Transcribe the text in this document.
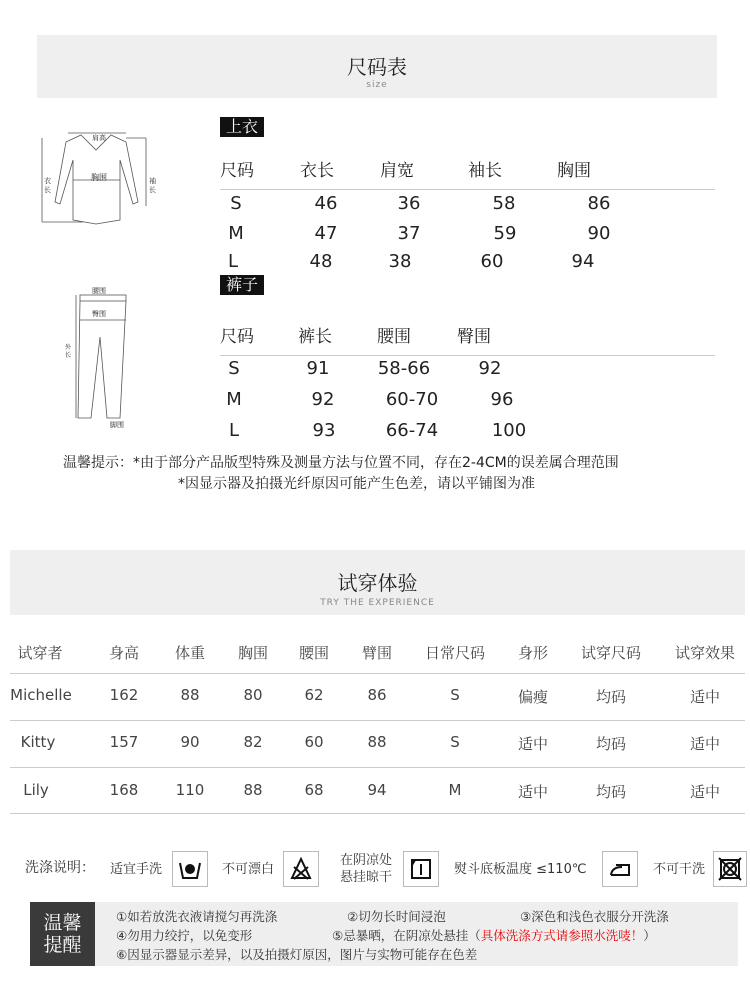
尺码表
size
肩高
胸围
衣长
袖长
腰围
臀围
外长
脚围
上衣
尺码	衣长	肩宽	袖长	胸围
S	46	36	58	86
M	47	37	59	90
L	48	38	60	94
裤子
尺码	裤长	腰围	臀围
S	91	58-66	92
M	92	60-70	96
L	93	66-74	100
温馨提示：*由于部分产品版型特殊及测量方法与位置不同，存在2-4CM的误差属合理范围
*因显示器及拍摄光纤原因可能产生色差，请以平铺图为准
试穿体验
TRY THE EXPERIENCE
试穿者	身高 体重 胸围 腰围 臂围 日常尺码 身形 试穿尺码 试穿效果
Michelle	162	88	80	62	86	S	偏瘦	均码	适中
Kitty	157	90	82	60	88	S	适中	均码	适中
Lily	168 110	88	68	94	M	适中	均码	适中
洗涤说明： 适宜手洗	不可漂白
在阴凉处
悬挂晾干
熨斗底板温度 ≤110℃	不可干洗
温馨提醒
①如若放洗衣液请搅匀再洗涤	②切勿长时间浸泡	③深色和浅色衣服分开洗涤
④勿用力绞拧，以免变形	⑤忌暴晒，在阴凉处悬挂（具体洗涤方式请参照水洗唛！）
⑥因显示器显示差异，以及拍摄灯原因，图片与实物可能存在色差
